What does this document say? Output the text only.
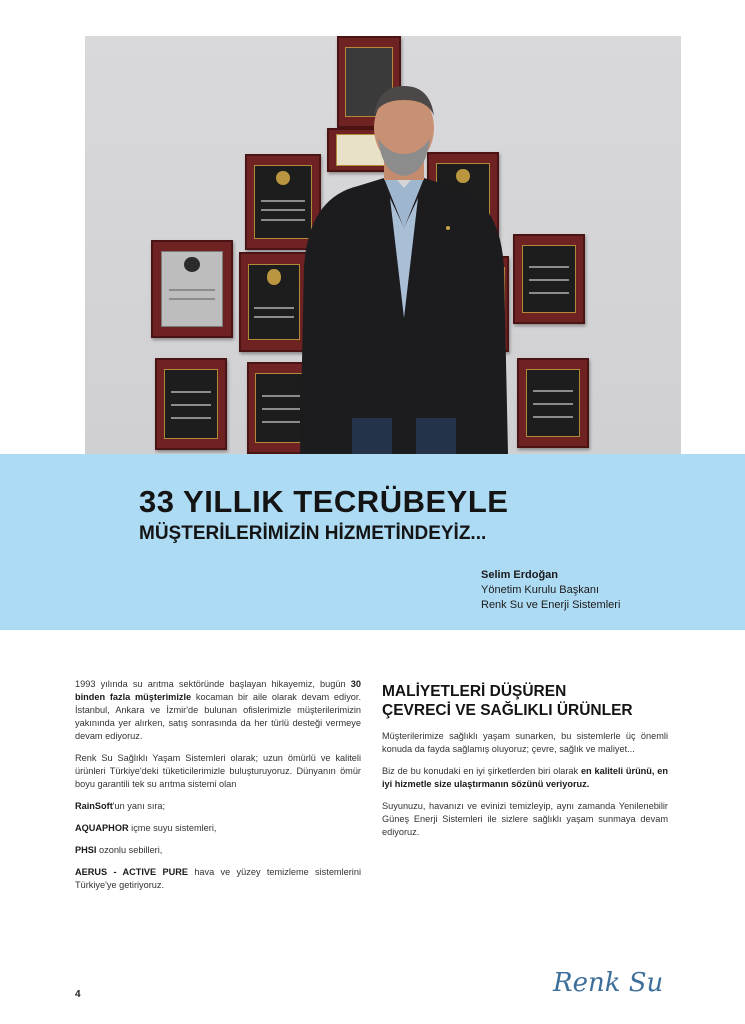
33 YILLIK TECRÜBEYLE
MÜŞTERİLERİMİZİN HİZMETİNDEYİZ...
Selim Erdoğan
Yönetim Kurulu Başkanı
Renk Su ve Enerji Sistemleri

1993 yılında su arıtma sektöründe başlayan hikayemiz, bugün 30 binden fazla müşterimizle kocaman bir aile olarak devam ediyor. İstanbul, Ankara ve İzmir'de bulunan ofislerimizle müşterilerimizin yakınında yer alırken, satış sonrasında da her türlü desteği vermeye devam ediyoruz.

Renk Su Sağlıklı Yaşam Sistemleri olarak; uzun ömürlü ve kaliteli ürünleri Türkiye'deki tüketicilerimizle buluşturuyoruz. Dünyanın ömür boyu garantili tek su arıtma sistemi olan

RainSoft'un yanı sıra;

AQUAPHOR içme suyu sistemleri,

PHSI ozonlu sebilleri,

AERUS - ACTIVE PURE hava ve yüzey temizleme sistemlerini Türkiye'ye getiriyoruz.

MALİYETLERİ DÜŞÜREN
ÇEVRECİ VE SAĞLIKLI ÜRÜNLER

Müşterilerimize sağlıklı yaşam sunarken, bu sistemlerle üç önemli konuda da fayda sağlamış oluyoruz; çevre, sağlık ve maliyet...

Biz de bu konudaki en iyi şirketlerden biri olarak en kaliteli ürünü, en iyi hizmetle size ulaştırmanın sözünü veriyoruz.

Suyunuzu, havanızı ve evinizi temizleyip, aynı zamanda Yenilenebilir Güneş Enerji Sistemleri ile sizlere sağlıklı yaşam sunmaya devam ediyoruz.

4	Renk Su
